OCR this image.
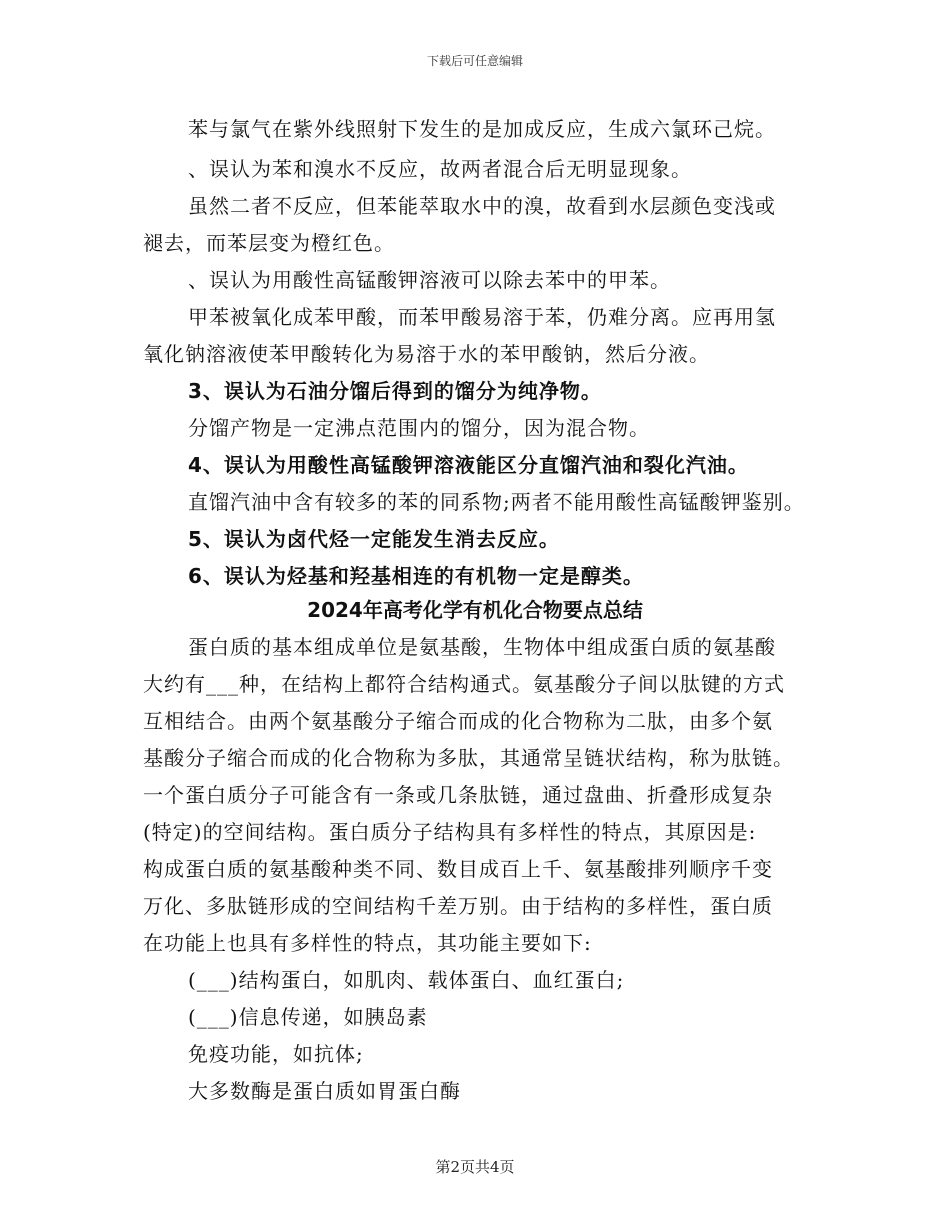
下载后可任意编辑
苯与氯气在紫外线照射下发生的是加成反应，生成六氯环己烷。
、误认为苯和溴水不反应，故两者混合后无明显现象。
虽然二者不反应，但苯能萃取水中的溴，故看到水层颜色变浅或
褪去，而苯层变为橙红色。
、误认为用酸性高锰酸钾溶液可以除去苯中的甲苯。
甲苯被氧化成苯甲酸，而苯甲酸易溶于苯，仍难分离。应再用氢
氧化钠溶液使苯甲酸转化为易溶于水的苯甲酸钠，然后分液。
3、误认为石油分馏后得到的馏分为纯净物。
分馏产物是一定沸点范围内的馏分，因为混合物。
4、误认为用酸性高锰酸钾溶液能区分直馏汽油和裂化汽油。
直馏汽油中含有较多的苯的同系物;两者不能用酸性高锰酸钾鉴别。
5、误认为卤代烃一定能发生消去反应。
6、误认为烃基和羟基相连的有机物一定是醇类。
2024年高考化学有机化合物要点总结
蛋白质的基本组成单位是氨基酸，生物体中组成蛋白质的氨基酸
大约有___种，在结构上都符合结构通式。氨基酸分子间以肽键的方式
互相结合。由两个氨基酸分子缩合而成的化合物称为二肽，由多个氨
基酸分子缩合而成的化合物称为多肽，其通常呈链状结构，称为肽链。
一个蛋白质分子可能含有一条或几条肽链，通过盘曲、折叠形成复杂
(特定)的空间结构。蛋白质分子结构具有多样性的特点，其原因是:
构成蛋白质的氨基酸种类不同、数目成百上千、氨基酸排列顺序千变
万化、多肽链形成的空间结构千差万别。由于结构的多样性，蛋白质
在功能上也具有多样性的特点，其功能主要如下:
(___)结构蛋白，如肌肉、载体蛋白、血红蛋白;
(___)信息传递，如胰岛素
免疫功能，如抗体;
大多数酶是蛋白质如胃蛋白酶
第2页共4页
